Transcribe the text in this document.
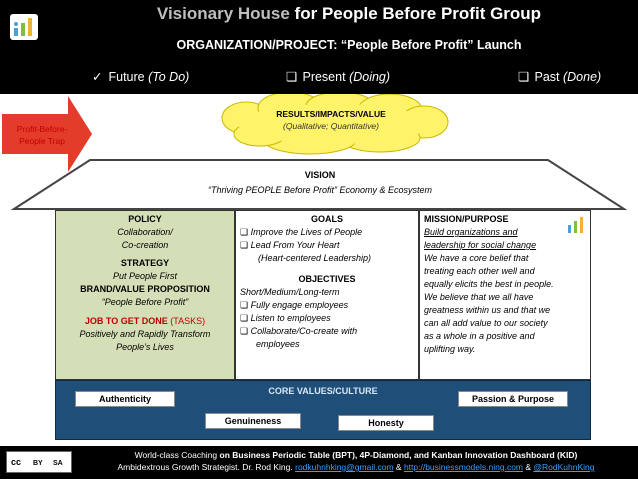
Visionary House for People Before Profit Group
ORGANIZATION/PROJECT: “People Before Profit” Launch
✓ Future (To Do)	❏ Present (Doing)	❏ Past (Done)
Profit-Before-
People Trap
RESULTS/IMPACTS/VALUE
(Qualitative; Quantitative)
VISION
“Thriving PEOPLE Before Profit” Economy & Ecosystem
POLICY
Collaboration/
Co-creation
STRATEGY
Put People First
BRAND/VALUE PROPOSITION
“People Before Profit”
JOB TO GET DONE (TASKS)
Positively and Rapidly Transform
People’s Lives
GOALS
❏ Improve the Lives of People
❏ Lead From Your Heart
(Heart-centered Leadership)
OBJECTIVES
Short/Medium/Long-term
❏ Fully engage employees
❏ Listen to employees
❏ Collaborate/Co-create with
employees
MISSION/PURPOSE
Build organizations and
leadership for social change
We have a core belief that
treating each other well and
equally elicits the best in people.
We believe that we all have
greatness within us and that we
can all add value to our society
as a whole in a positive and
uplifting way.
CORE VALUES/CULTURE
Authenticity	Passion & Purpose
Genuineness	Honesty
cc BY SA
World-class Coaching on Business Periodic Table (BPT), 4P-Diamond, and Kanban Innovation Dashboard (KID)
Ambidextrous Growth Strategist. Dr. Rod King. rodkuhnhking@gmail.com & http://businessmodels.ning.com & @RodKuhnKing
